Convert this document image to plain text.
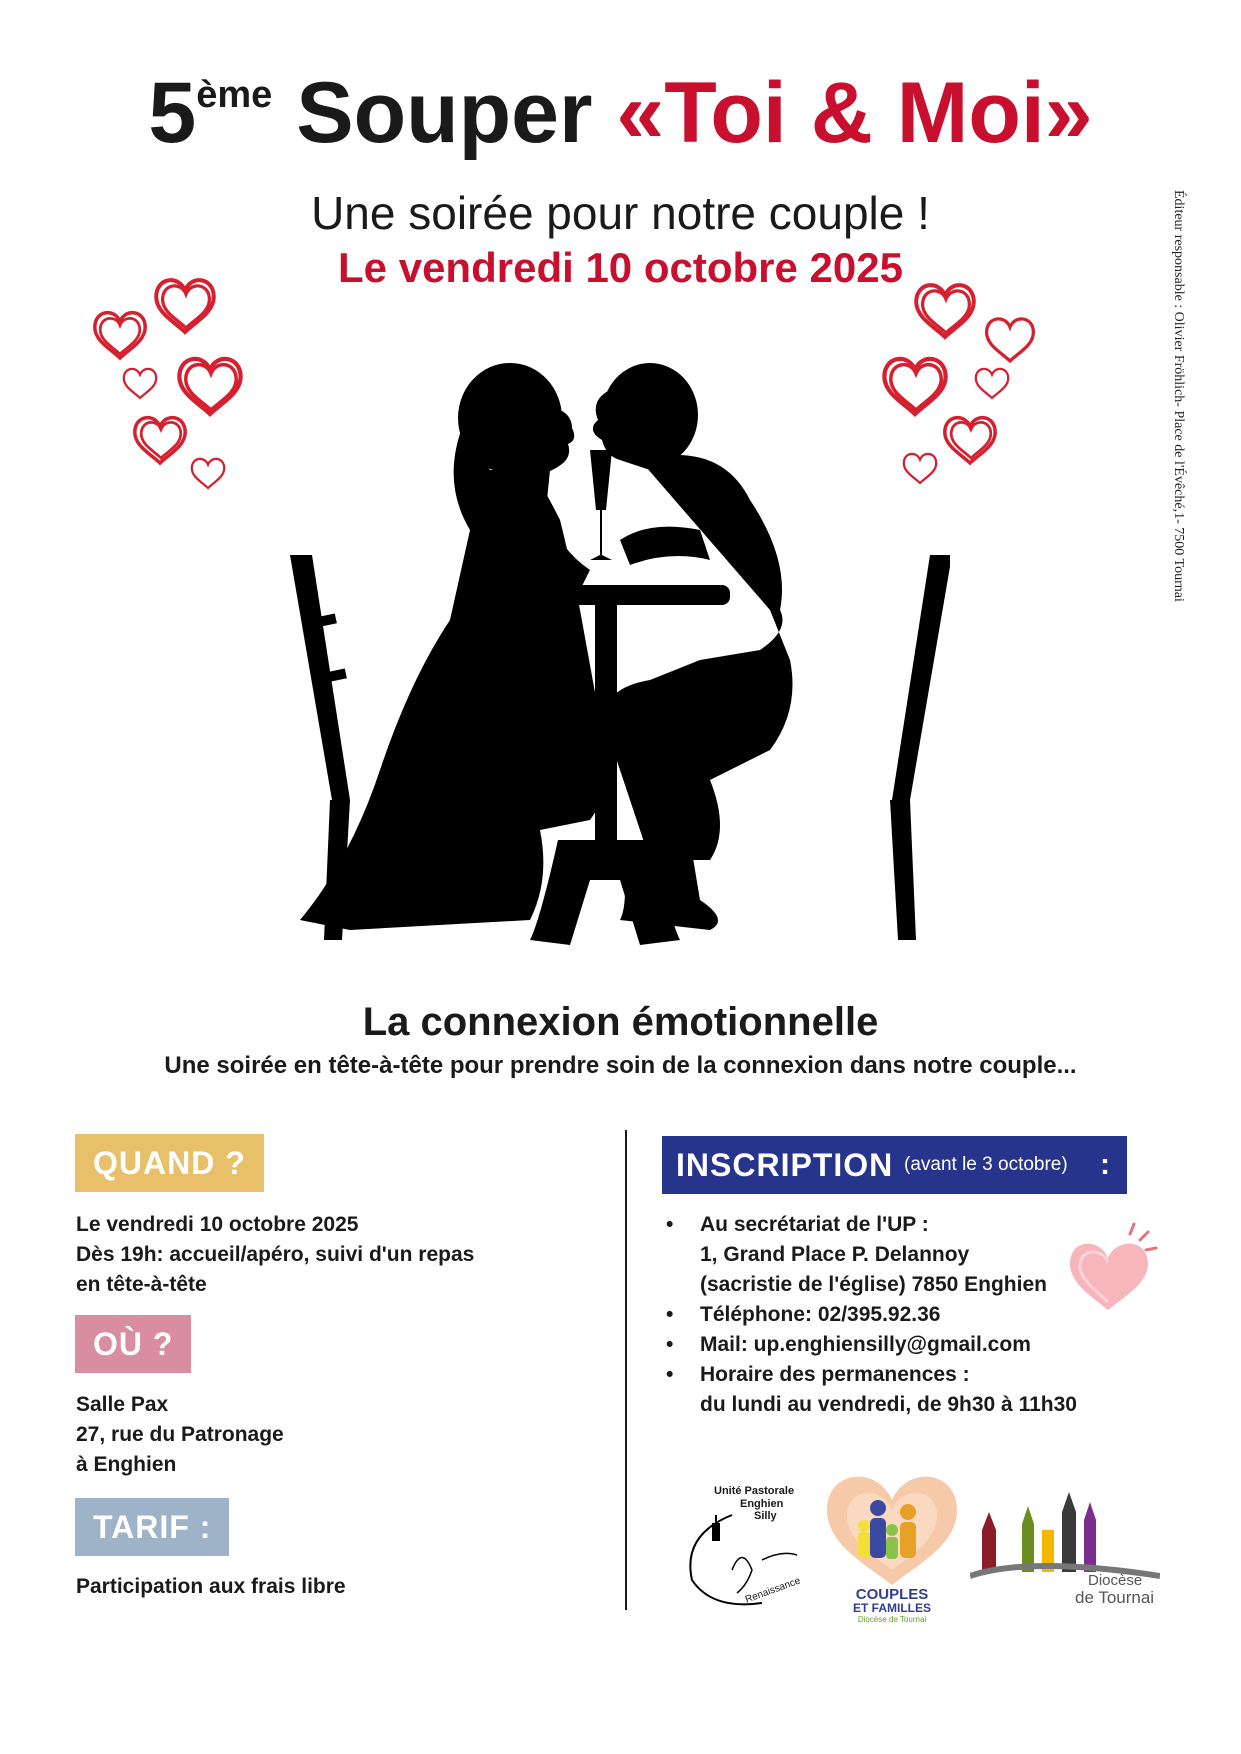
5ème Souper «Toi & Moi»
Une soirée pour notre couple !
Le vendredi 10 octobre 2025	Éditeur responsable : Olivier Fröhlich- Place de l'Évêché,1- 7500 Tournai
La connexion émotionnelle
Une soirée en tête-à-tête pour prendre soin de la connexion dans notre couple...
QUAND ?
Le vendredi 10 octobre 2025
Dès 19h: accueil/apéro, suivi d'un repas
en tête-à-tête
OÙ ?
Salle Pax
27, rue du Patronage
à Enghien
TARIF :
Participation aux frais libre
INSCRIPTION (avant le 3 octobre) :
• Au secrétariat de l'UP :
1, Grand Place P. Delannoy
(sacristie de l'église) 7850 Enghien
• Téléphone: 02/395.92.36
• Mail: up.enghiensilly@gmail.com
• Horaire des permanences :
du lundi au vendredi, de 9h30 à 11h30
Unité Pastorale
Enghien
Silly
Renaissance	COUPLES
ET FAMILLES
Diocèse de Tournai
Diocèse
de Tournai
